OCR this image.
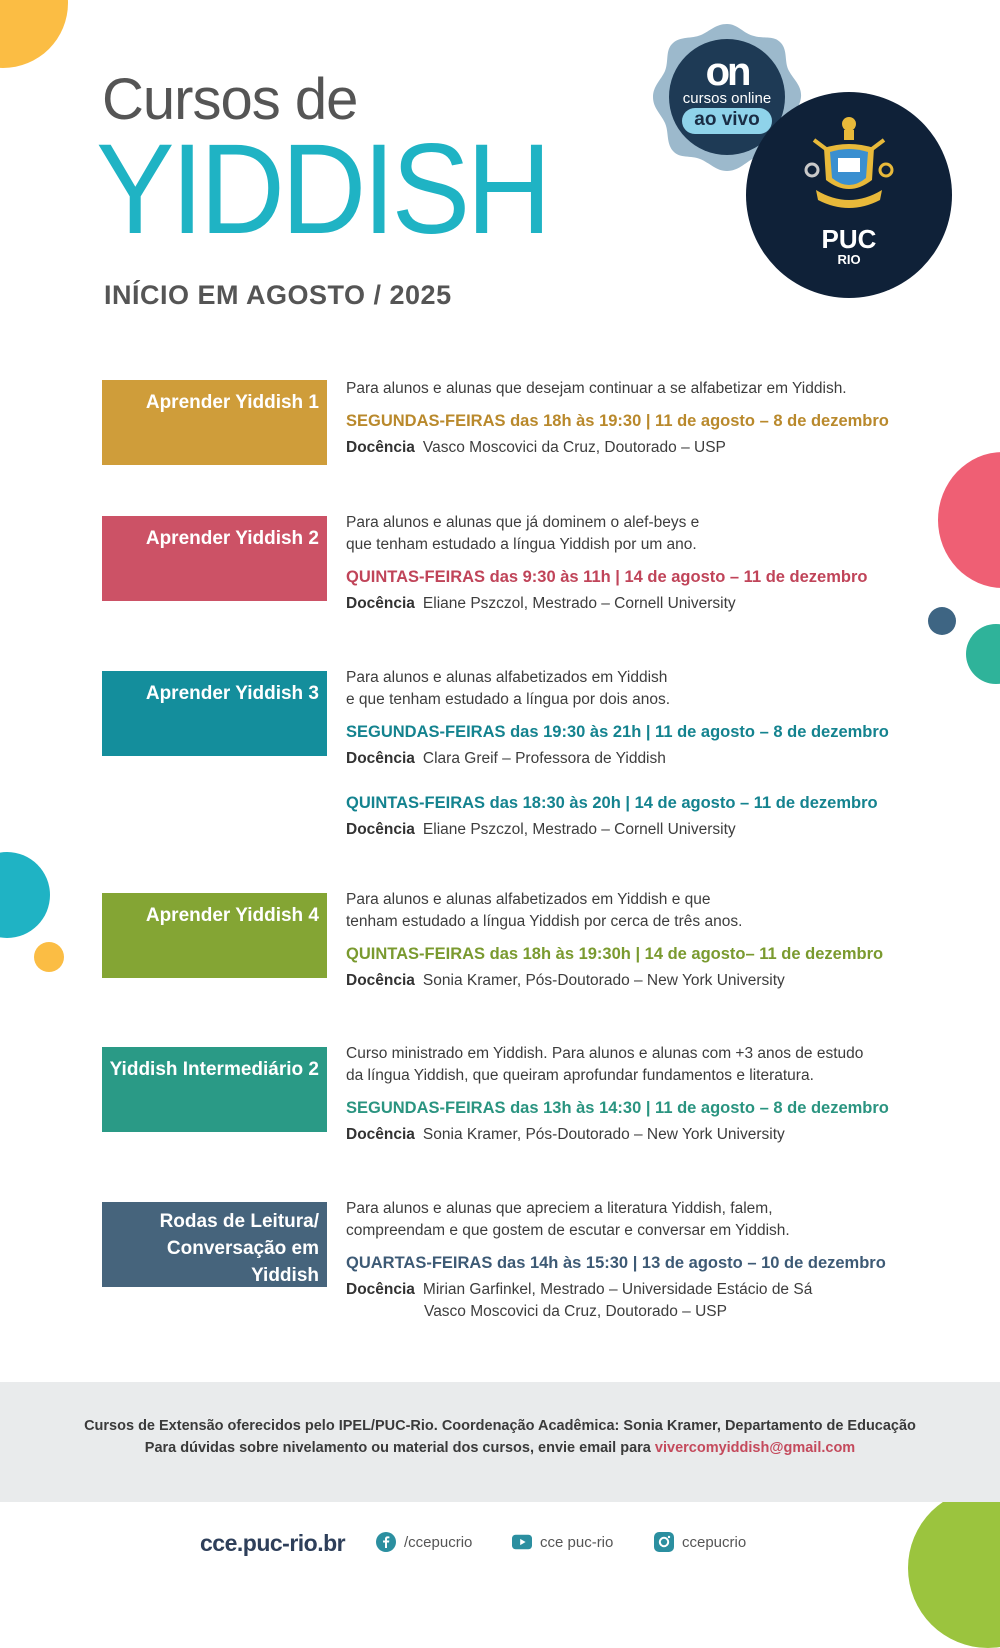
Cursos de
YIDDISH
INÍCIO EM AGOSTO / 2025
on
cursos online
ao vivo
PUC
RIO
Aprender Yiddish 1

Para alunos e alunas que desejam continuar a se alfabetizar em Yiddish.

SEGUNDAS-FEIRAS das 18h às 19:30 | 11 de agosto – 8 de dezembro

Docência Vasco Moscovici da Cruz, Doutorado – USP

Aprender Yiddish 2

Para alunos e alunas que já dominem o alef-beys e
que tenham estudado a língua Yiddish por um ano.

QUINTAS-FEIRAS das 9:30 às 11h | 14 de agosto – 11 de dezembro

Docência Eliane Pszczol, Mestrado – Cornell University

Aprender Yiddish 3

Para alunos e alunas alfabetizados em Yiddish
e que tenham estudado a língua por dois anos.

SEGUNDAS-FEIRAS das 19:30 às 21h | 11 de agosto – 8 de dezembro

Docência Clara Greif – Professora de Yiddish

QUINTAS-FEIRAS das 18:30 às 20h | 14 de agosto – 11 de dezembro

Docência Eliane Pszczol, Mestrado – Cornell University

Aprender Yiddish 4

Para alunos e alunas alfabetizados em Yiddish e que
tenham estudado a língua Yiddish por cerca de três anos.

QUINTAS-FEIRAS das 18h às 19:30h | 14 de agosto– 11 de dezembro

Docência Sonia Kramer, Pós-Doutorado – New York University

Yiddish Intermediário 2

Curso ministrado em Yiddish. Para alunos e alunas com +3 anos de estudo
da língua Yiddish, que queiram aprofundar fundamentos e literatura.

SEGUNDAS-FEIRAS das 13h às 14:30 | 11 de agosto – 8 de dezembro

Docência Sonia Kramer, Pós-Doutorado – New York University

Rodas de Leitura/
Conversação em Yiddish

Para alunos e alunas que apreciem a literatura Yiddish, falem,
compreendam e que gostem de escutar e conversar em Yiddish.

QUARTAS-FEIRAS das 14h às 15:30 | 13 de agosto – 10 de dezembro

Docência Mirian Garfinkel, Mestrado – Universidade Estácio de Sá

Vasco Moscovici da Cruz, Doutorado – USP

Cursos de Extensão oferecidos pelo IPEL/PUC-Rio. Coordenação Acadêmica: Sonia Kramer, Departamento de Educação
Para dúvidas sobre nivelamento ou material dos cursos, envie email para vivercomyiddish@gmail.com
cce.puc-rio.br	/ccepucrio	cce puc-rio	ccepucrio
